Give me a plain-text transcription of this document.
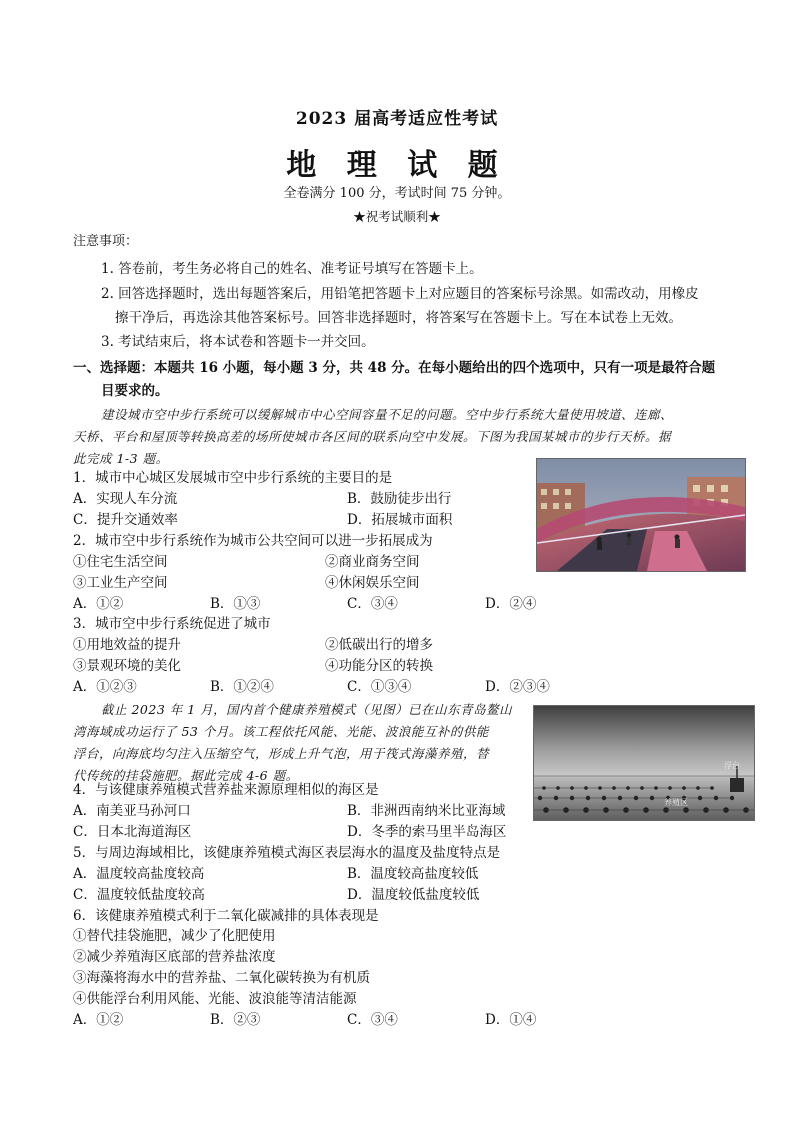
2023 届高考适应性考试
地 理 试 题
全卷满分 100 分，考试时间 75 分钟。
★祝考试顺利★
注意事项：
1. 答卷前，考生务必将自己的姓名、准考证号填写在答题卡上。
2. 回答选择题时，选出每题答案后，用铅笔把答题卡上对应题目的答案标号涂黑。如需改动，用橡皮
擦干净后，再选涂其他答案标号。回答非选择题时，将答案写在答题卡上。写在本试卷上无效。
3. 考试结束后，将本试卷和答题卡一并交回。
一、选择题：本题共 16 小题，每小题 3 分，共 48 分。在每小题给出的四个选项中，只有一项是最符合题
目要求的。
建设城市空中步行系统可以缓解城市中心空间容量不足的问题。空中步行系统大量使用坡道、连廊、
天桥、平台和屋顶等转换高差的场所使城市各区间的联系向空中发展。下图为我国某城市的步行天桥。据
此完成 1-3 题。
1．城市中心城区发展城市空中步行系统的主要目的是
A．实现人车分流	B．鼓励徒步出行
C．提升交通效率	D．拓展城市面积
2．城市空中步行系统作为城市公共空间可以进一步拓展成为
①住宅生活空间	②商业商务空间
③工业生产空间	④休闲娱乐空间
A．①②	B．①③	C．③④	D．②④
3．城市空中步行系统促进了城市
①用地效益的提升	②低碳出行的增多
③景观环境的美化	④功能分区的转换
A．①②③	B．①②④	C．①③④	D．②③④
截止 2023 年 1 月，国内首个健康养殖模式（见图）已在山东青岛鳌山
湾海域成功运行了 53 个月。该工程依托风能、光能、波浪能互补的供能
浮台，向海底均匀注入压缩空气，形成上升气泡，用于筏式海藻养殖，替
代传统的挂袋施肥。据此完成 4-6 题。
浮台
养殖区
4．与该健康养殖模式营养盐来源原理相似的海区是
A．南美亚马孙河口	B．非洲西南纳米比亚海域
C．日本北海道海区	D．冬季的索马里半岛海区
5．与周边海域相比，该健康养殖模式海区表层海水的温度及盐度特点是
A．温度较高盐度较高	B．温度较高盐度较低
C．温度较低盐度较高	D．温度较低盐度较低
6．该健康养殖模式利于二氧化碳减排的具体表现是
①替代挂袋施肥，减少了化肥使用
②减少养殖海区底部的营养盐浓度
③海藻将海水中的营养盐、二氧化碳转换为有机质
④供能浮台利用风能、光能、波浪能等清洁能源
A．①②	B．②③	C．③④	D．①④
